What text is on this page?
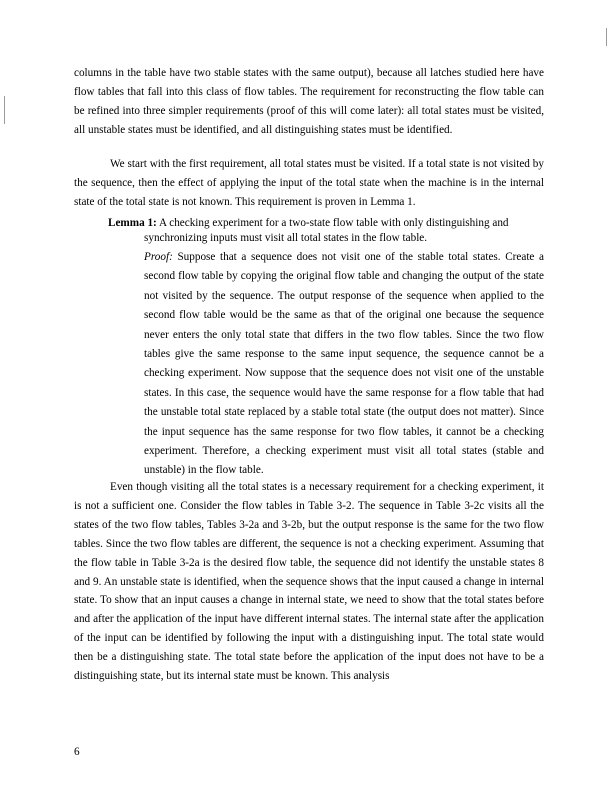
columns in the table have two stable states with the same output), because all latches studied here have flow tables that fall into this class of flow tables. The requirement for reconstructing the flow table can be refined into three simpler requirements (proof of this will come later): all total states must be visited, all unstable states must be identified, and all distinguishing states must be identified.

We start with the first requirement, all total states must be visited. If a total state is not visited by the sequence, then the effect of applying the input of the total state when the machine is in the internal state of the total state is not known. This requirement is proven in Lemma 1.

Lemma 1: A checking experiment for a two-state flow table with only distinguishing and

synchronizing inputs must visit all total states in the flow table.

Proof: Suppose that a sequence does not visit one of the stable total states. Create a second flow table by copying the original flow table and changing the output of the state not visited by the sequence. The output response of the sequence when applied to the second flow table would be the same as that of the original one because the sequence never enters the only total state that differs in the two flow tables. Since the two flow tables give the same response to the same input sequence, the sequence cannot be a checking experiment. Now suppose that the sequence does not visit one of the unstable states. In this case, the sequence would have the same response for a flow table that had the unstable total state replaced by a stable total state (the output does not matter). Since the input sequence has the same response for two flow tables, it cannot be a checking experiment. Therefore, a checking experiment must visit all total states (stable and unstable) in the flow table.

Even though visiting all the total states is a necessary requirement for a checking experiment, it is not a sufficient one. Consider the flow tables in Table 3-2. The sequence in Table 3-2c visits all the states of the two flow tables, Tables 3-2a and 3-2b, but the output response is the same for the two flow tables. Since the two flow tables are different, the sequence is not a checking experiment. Assuming that the flow table in Table 3-2a is the desired flow table, the sequence did not identify the unstable states 8 and 9. An unstable state is identified, when the sequence shows that the input caused a change in internal state. To show that an input causes a change in internal state, we need to show that the total states before and after the application of the input have different internal states. The internal state after the application of the input can be identified by following the input with a distinguishing input. The total state would then be a distinguishing state. The total state before the application of the input does not have to be a distinguishing state, but its internal state must be known. This analysis

6
